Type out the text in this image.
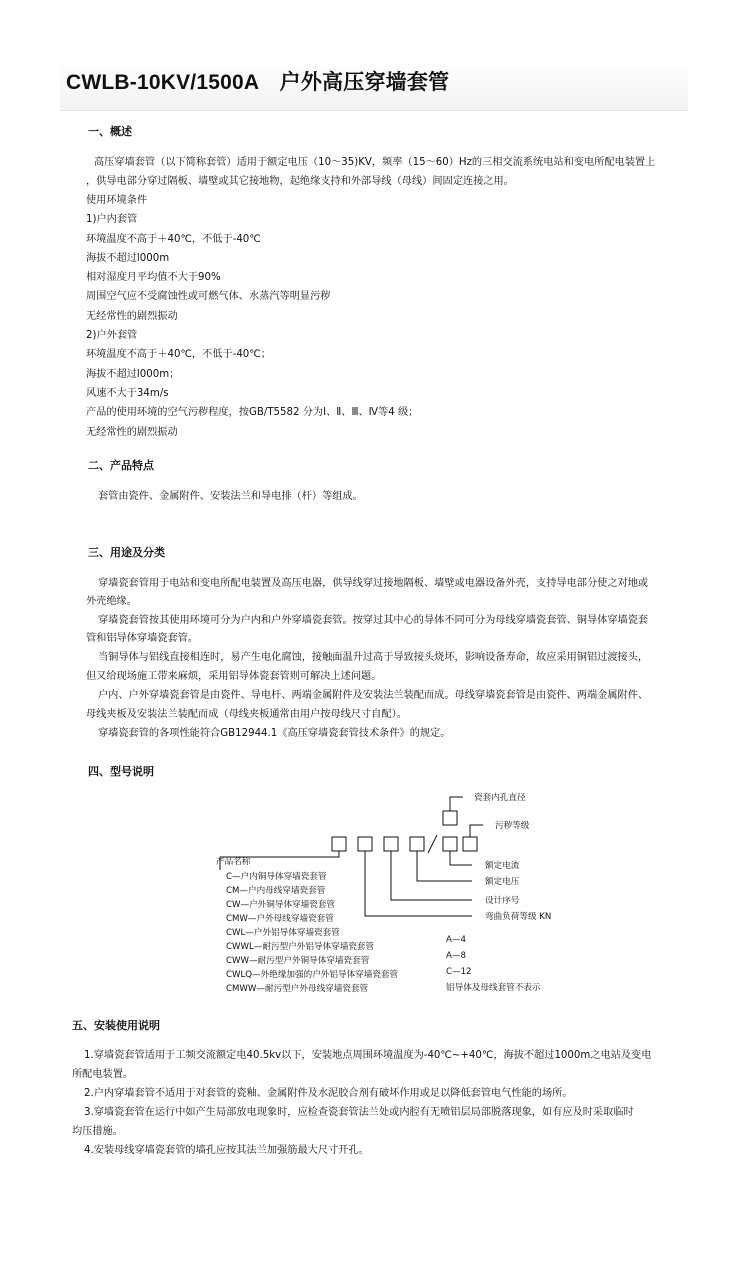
CWLB-10KV/1500A　户外高压穿墙套管
一、概述
高压穿墙套管（以下简称套管）适用于额定电压（10～35)KV，频率（15～60）Hz的三相交流系统电站和变电所配电装置上
，供导电部分穿过隔板、墙壁或其它接地物，起绝缘支持和外部导线（母线）间固定连接之用。
使用环境条件
1)户内套管
环境温度不高于＋40℃，不低于-40℃
海拔不超过l000m
相对湿度月平均值不大于90%
周围空气应不受腐蚀性或可燃气体、水蒸汽等明显污秽
无经常性的剧烈振动
2)户外套管
环境温度不高于＋40℃，不低于-40℃；
海拔不超过l000m；
风速不大于34m/s
产品的使用环境的空气污秽程度，按GB/T5582 分为Ⅰ、Ⅱ、Ⅲ、Ⅳ等4 级；
无经常性的剧烈振动
二、产品特点
套管由瓷件、金属附件、安装法兰和导电排（杆）等组成。
三、用途及分类
穿墙瓷套管用于电站和变电所配电装置及高压电器，供导线穿过接地隔板、墙壁或电器设备外壳，支持导电部分使之对地或
外壳绝缘。
穿墙瓷套管按其使用环境可分为户内和户外穿墙瓷套管。按穿过其中心的导体不同可分为母线穿墙瓷套管、铜导体穿墙瓷套
管和铝导体穿墙瓷套管。
当铜导体与铝线直接相连时，易产生电化腐蚀，接触面温升过高于导致接头烧坏，影响设备寿命，故应采用铜铝过渡接头，
但又给现场施工带来麻烦，采用铝导体瓷套管则可解决上述问题。
户内、户外穿墙瓷套管是由瓷件、导电杆、两端金属附件及安装法兰装配而成。母线穿墙瓷套管是由瓷件、两端金属附件、
母线夹板及安装法兰装配而成（母线夹板通常由用户按母线尺寸自配）。
穿墙瓷套管的各项性能符合GB12944.1《高压穿墙瓷套管技术条件》的规定。
四、型号说明
瓷套内孔直径
污秽等级
额定电流
额定电压
设计序号
弯曲负荷等级 KN
A—4
A—8
C—12
铝导体及母线套管不表示
产品名称
C—户内铜导体穿墙瓷套管
CM—户内母线穿墙瓷套管
CW—户外铜导体穿墙瓷套管
CMW—户外母线穿墙瓷套管
CWL—户外铝导体穿墙瓷套管
CWWL—耐污型户外铝导体穿墙瓷套管
CWW—耐污型户外铜导体穿墙瓷套管
CWLQ—外绝缘加强的户外铝导体穿墙瓷套管
CMWW—耐污型户外母线穿墙瓷套管
五、安装使用说明
1.穿墙瓷套管适用于工频交流额定电40.5kv以下，安装地点周围环境温度为-40℃~+40℃，海拔不超过1000m之电站及变电
所配电装置。
2.户内穿墙套管不适用于对套管的瓷釉、金属附件及水泥胶合剂有破坏作用或足以降低套管电气性能的场所。
3.穿墙瓷套管在运行中如产生局部放电现象时，应检查瓷套管法兰处或内腔有无喷铝层局部脱落现象，如有应及时采取临时
均压措施。
4.安装母线穿墙瓷套管的墙孔应按其法兰加强筋最大尺寸开孔。
